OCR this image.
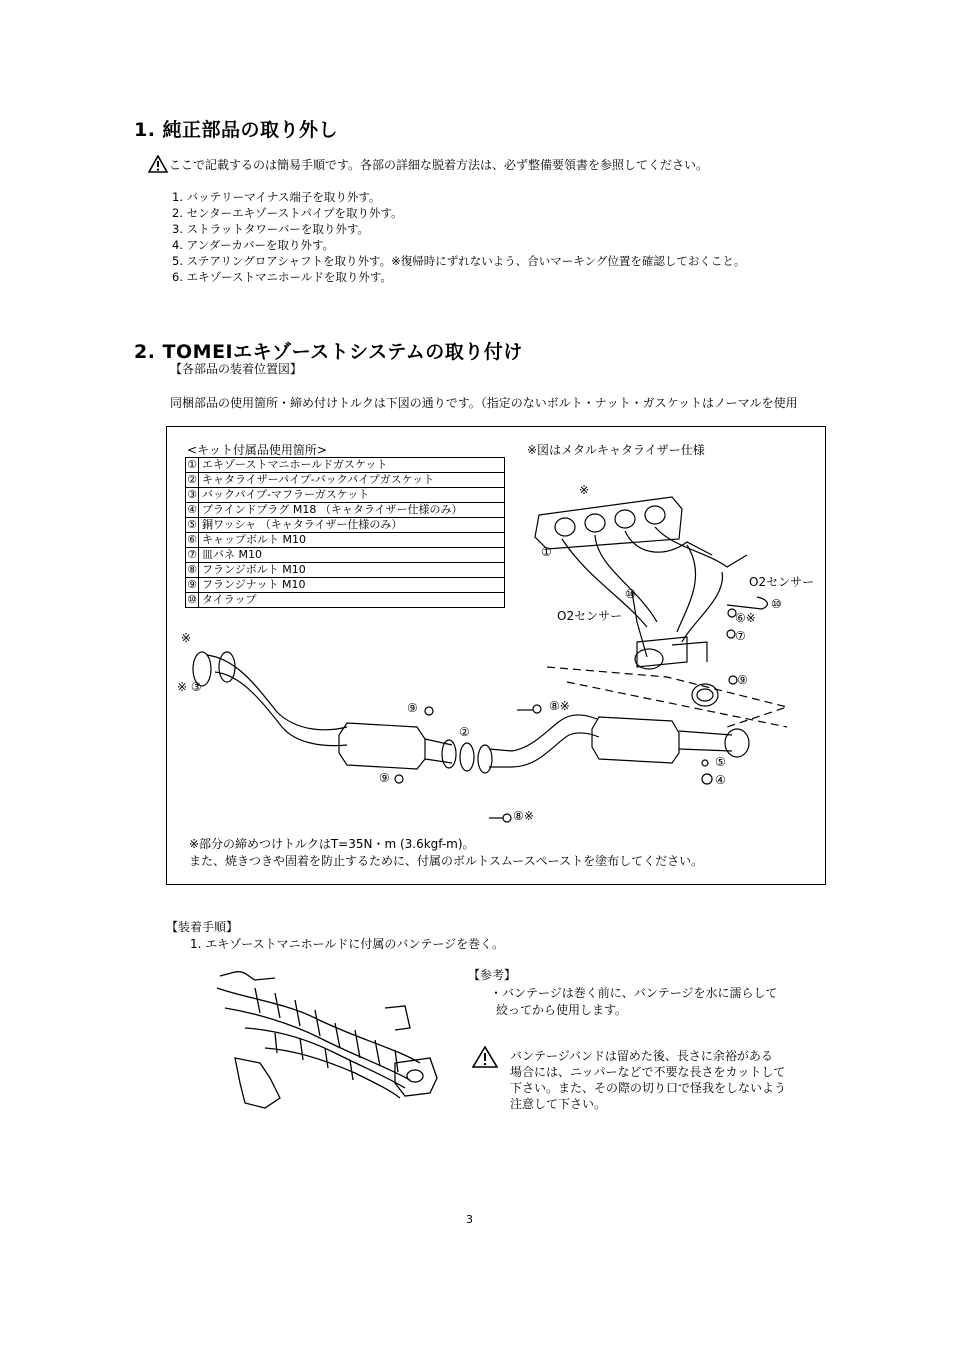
1. 純正部品の取り外し
ここで記載するのは簡易手順です。各部の詳細な脱着方法は、必ず整備要領書を参照してください。
1. バッテリーマイナス端子を取り外す。
2. センターエキゾーストパイプを取り外す。
3. ストラットタワーバーを取り外す。
4. アンダーカバーを取り外す。
5. ステアリングロアシャフトを取り外す。※復帰時にずれないよう、合いマーキング位置を確認しておくこと。
6. エキゾーストマニホールドを取り外す。
2. TOMEIエキゾーストシステムの取り付け
【各部品の装着位置図】
同梱部品の使用箇所・締め付けトルクは下図の通りです。（指定のないボルト・ナット・ガスケットはノーマルを使用
<キット付属品使用箇所>
①	エキゾーストマニホールドガスケット
②	キャタライザーパイプ-バックパイプガスケット
③	バックパイプ-マフラーガスケット
④	ブラインドプラグ M18 （キャタライザー仕様のみ）
⑤	銅ワッシャ （キャタライザー仕様のみ）
⑥	キャップボルト M10
⑦	皿バネ M10
⑧	フランジボルト M10
⑨	フランジナット M10
⑩	タイラップ
※図はメタルキャタライザー仕様
①
※
O2センサー
⑩
⑩
O2センサー	⑥※
⑦
⑨
※
※ ③
⑨	⑧※
②
⑨
⑤
④
⑧※
※部分の締めつけトルクはT=35N・m (3.6kgf-m)。
また、焼きつきや固着を防止するために、付属のボルトスムースペーストを塗布してください。
【装着手順】
1. エキゾーストマニホールドに付属のバンテージを巻く。
【参考】
・バンテージは巻く前に、バンテージを水に濡らして
絞ってから使用します。
バンテージバンドは留めた後、長さに余裕がある
場合には、ニッパーなどで不要な長さをカットして
下さい。また、その際の切り口で怪我をしないよう
注意して下さい。
3
